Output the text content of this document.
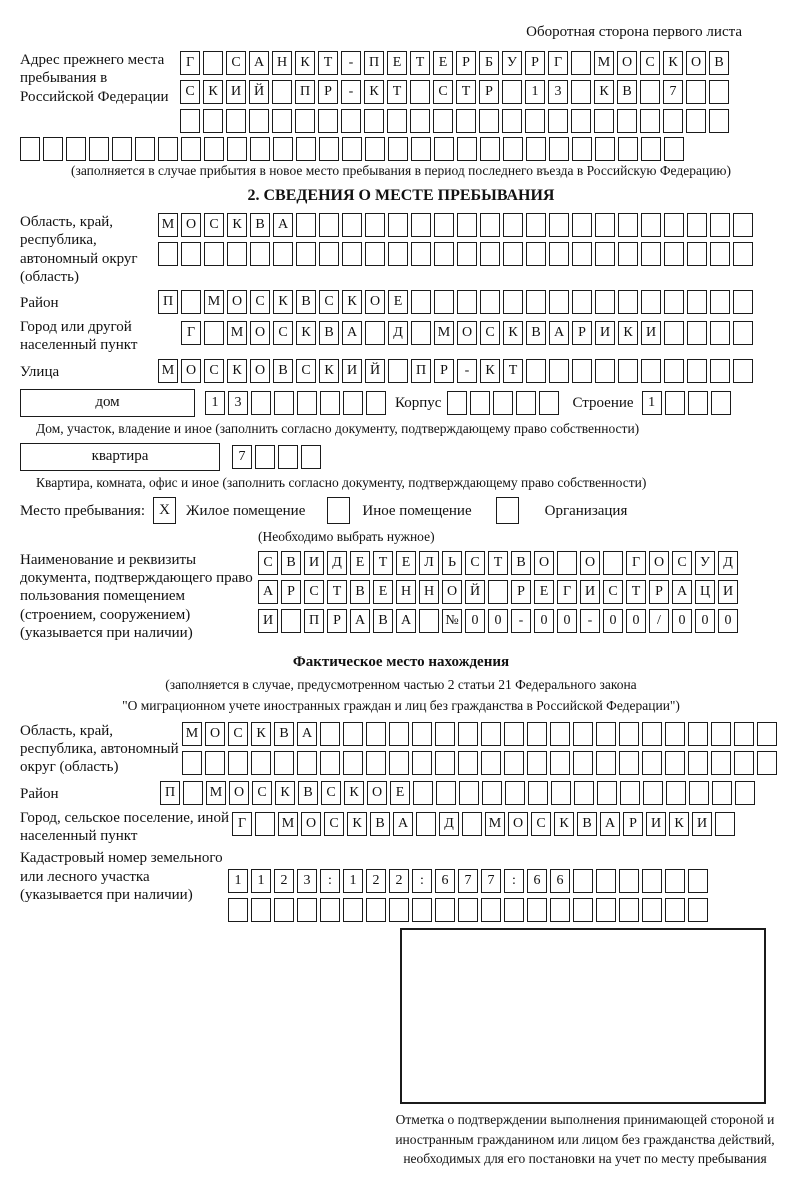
Оборотная сторона первого листа
Адрес прежнего места пребывания в Российской Федерации
Г	С А Н К	Т	-	П Е	Т	Е	Р	Б	У	Р	Г	М О С К О В
С К И Й	П	Р	-	К	Т	С	Т	Р	1	3	К В	7
(заполняется в случае прибытия в новое место пребывания в период последнего въезда в Российскую Федерацию)
2. СВЕДЕНИЯ О МЕСТЕ ПРЕБЫВАНИЯ
Область, край, республика, автономный округ (область)
М О С К В А
Район	П	М О С К В С К О Е
Город или другой населенный пункт
Г	М О С К В А	Д	М О С К В А	Р	И К И
Улица	М О С К О В С К И Й	П	Р	-	К	Т
дом	1	3	Корпус	Строение	1
Дом, участок, владение и иное (заполнить согласно документу, подтверждающему право собственности)
квартира	7
Квартира, комната, офис и иное (заполнить согласно документу, подтверждающему право собственности)
Место пребывания: X	Жилое помещение	Иное помещение	Организация
(Необходимо выбрать нужное)
Наименование и реквизиты документа, подтверждающего право пользования помещением (строением, сооружением) (указывается при наличии)
С В И Д Е	Т	Е Л	Ь	С	Т	В О	О	Г О С У Д
А	Р	С	Т	В	Е Н Н О Й	Р	Е	Г И С	Т	Р	А Ц И
И	П	Р	А В А	№ 0	0	-	0	0	-	0	0	/	0	0	0
Фактическое место нахождения
(заполняется в случае, предусмотренном частью 2 статьи 21 Федерального закона
"О миграционном учете иностранных граждан и лиц без гражданства в Российской Федерации")
Область, край, республика, автономный округ (область)
М О С К В А
Район	П	М О С К В С К О Е
Город, сельское поселение, иной населенный пункт
Г	М О С К В А	Д	М О С К В А	Р	И К И
Кадастровый номер земельного или лесного участка (указывается при наличии)
1	1	2	3	:	1	2	2	:	6	7	7	:	6	6
Отметка о подтверждении выполнения принимающей стороной и иностранным гражданином или лицом без гражданства действий, необходимых для его постановки на учет по месту пребывания
